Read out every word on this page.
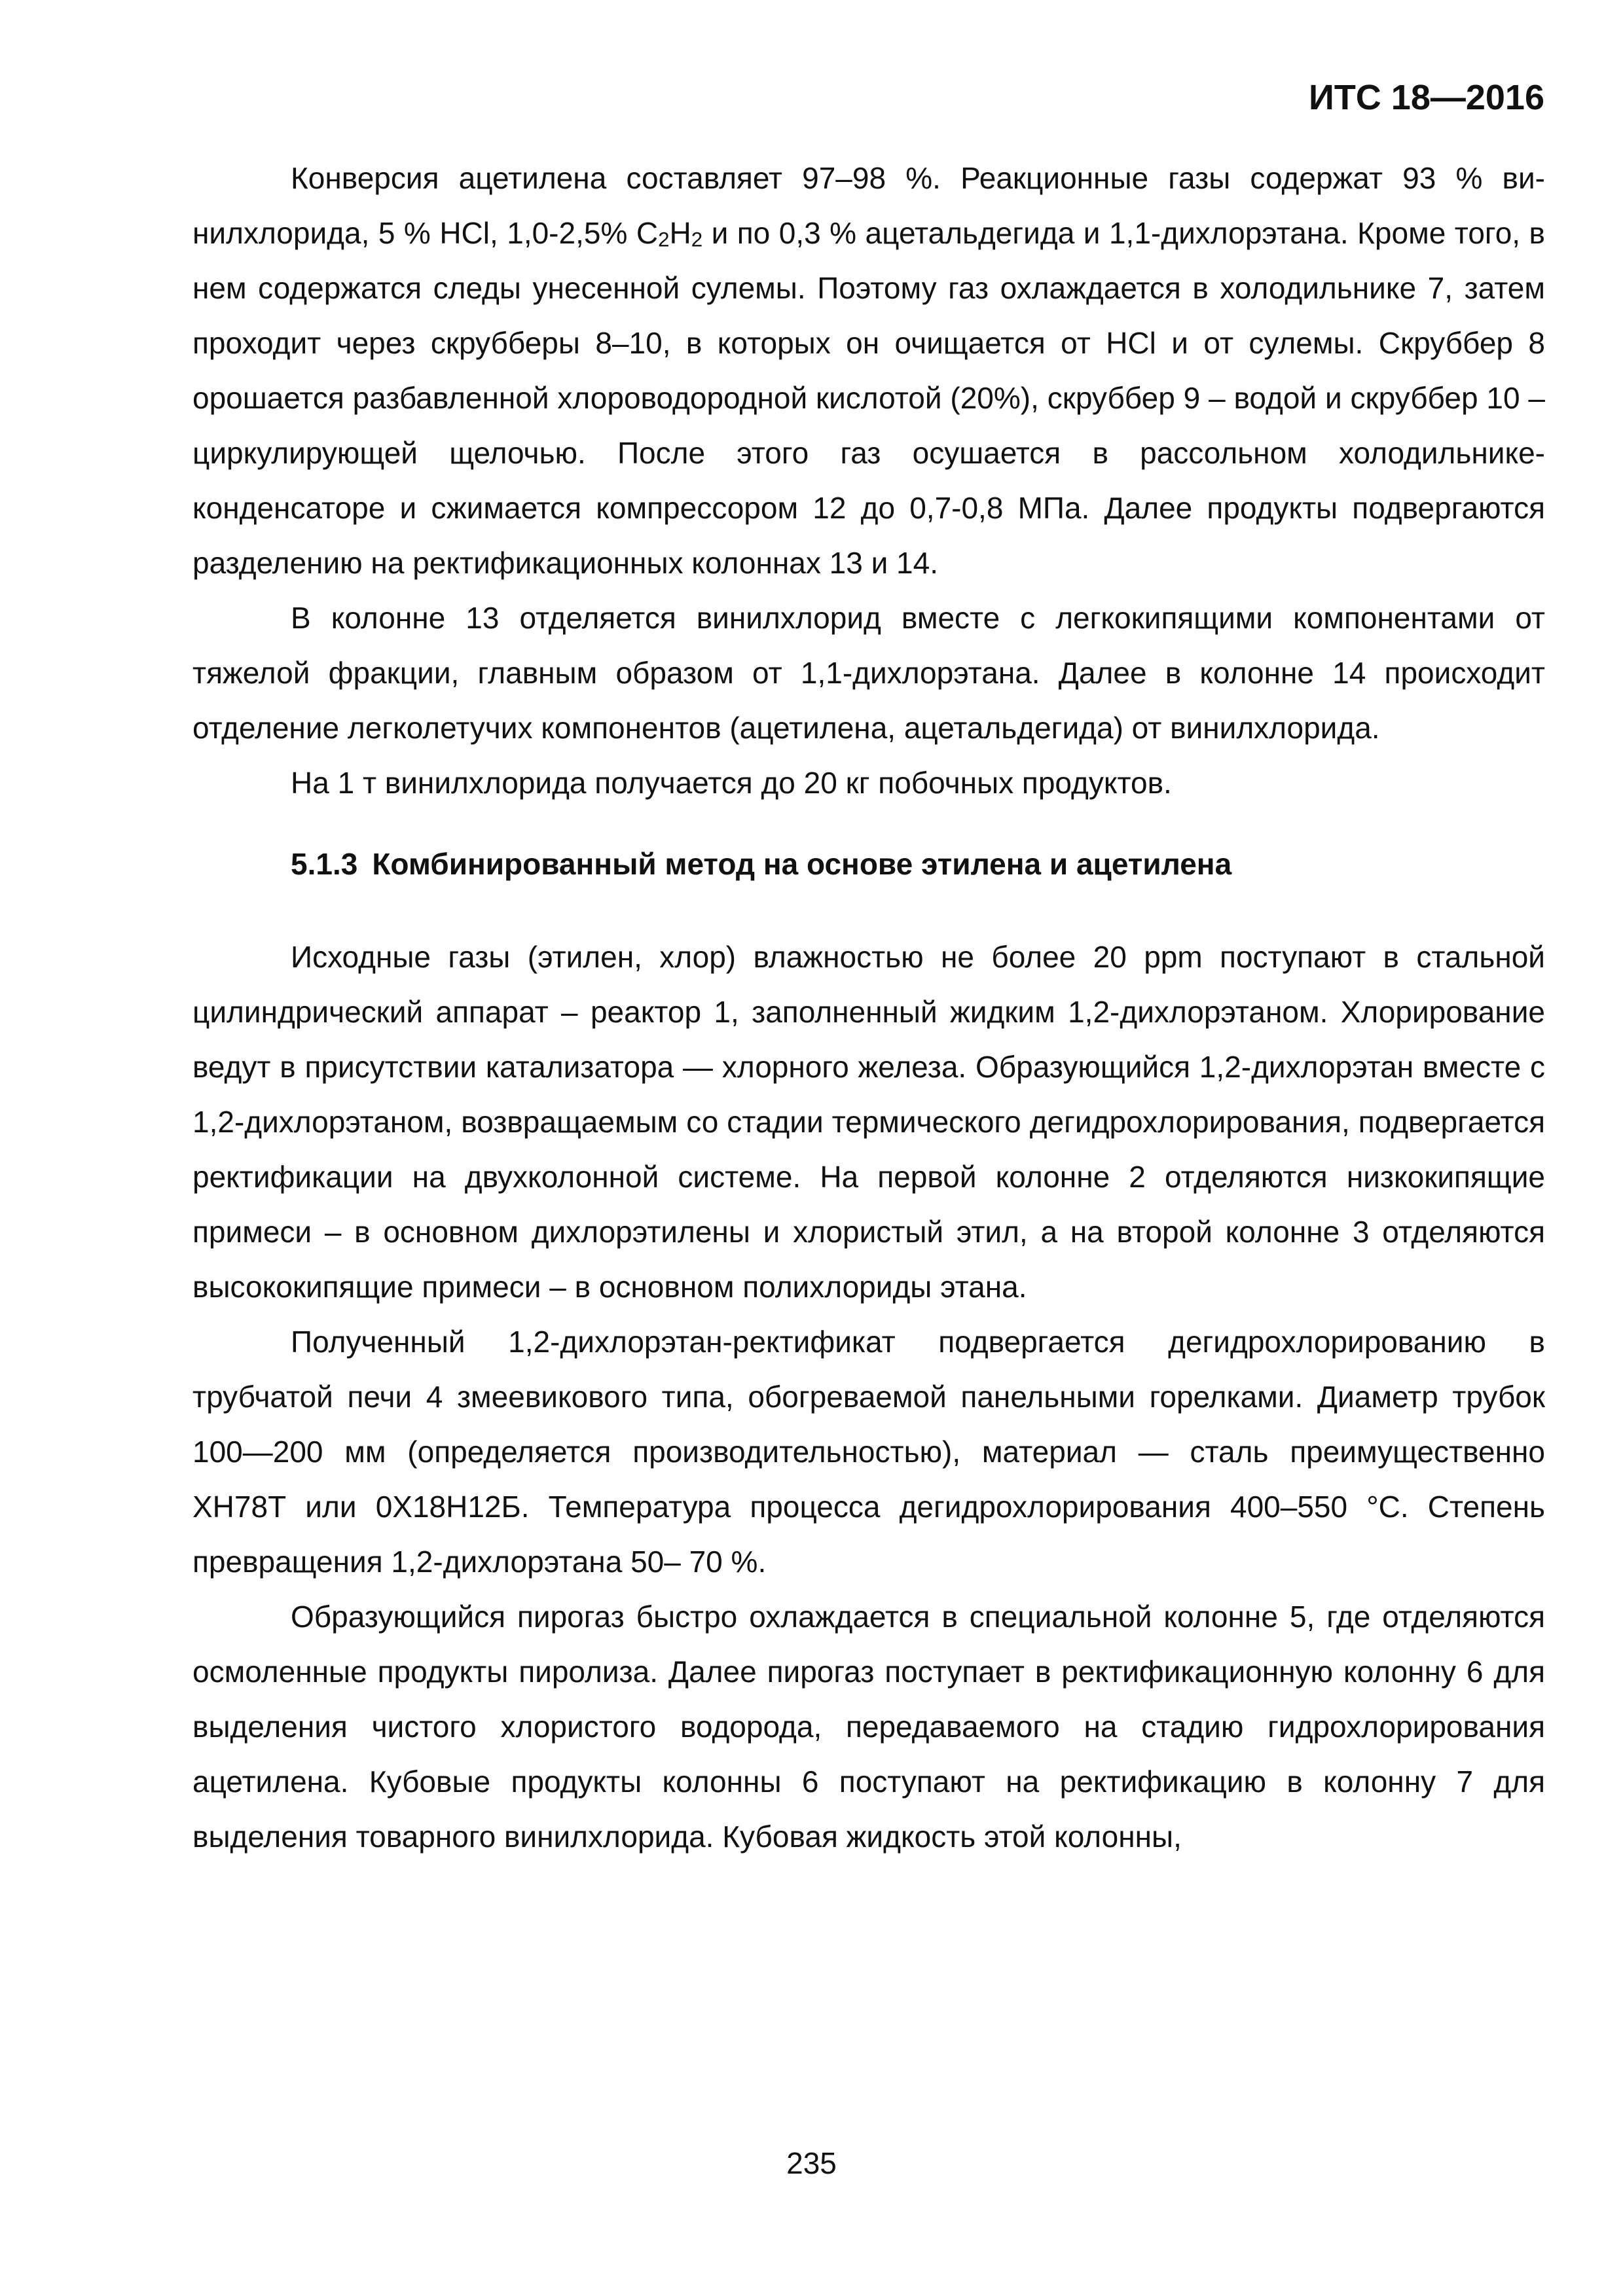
ИТС 18—2016

Конверсия ацетилена составляет 97–98 %. Реакционные газы содержат 93 % винилхлорида, 5 % HCl, 1,0-2,5% $C_2H_2$ и по 0,3 % ацетальдегида и 1,1-дихлорэтана. Кроме того, в нем содержатся следы унесенной сулемы. Поэтому газ охлаждается в холодильнике 7, затем проходит через скрубберы 8–10, в которых он очищается от HCl и от сулемы. Скруббер 8 орошается разбавленной хлороводородной кислотой (20%), скруббер 9 – водой и скруббер 10 – циркулирующей щелочью. После этого газ осушается в рассольном холодильнике-конденсаторе и сжимается компрессором 12 до 0,7-0,8 МПа. Далее продукты подвергаются разделению на ректификационных колоннах 13 и 14.

В колонне 13 отделяется винилхлорид вместе с легкокипящими компонентами от тяжелой фракции, главным образом от 1,1-дихлорэтана. Далее в колонне 14 происходит отделение легколетучих компонентов (ацетилена, ацетальдегида) от винилхлорида.

На 1 т винилхлорида получается до 20 кг побочных продуктов.

5.1.3 Комбинированный метод на основе этилена и ацетилена

Исходные газы (этилен, хлор) влажностью не более 20 ppm поступают в стальной цилиндрический аппарат – реактор 1, заполненный жидким 1,2-дихлорэтаном. Хлорирование ведут в присутствии катализатора — хлорного железа. Образующийся 1,2-дихлорэтан вместе с 1,2-дихлорэтаном, возвращаемым со стадии термического дегидрохлорирования, подвергается ректификации на двухколонной системе. На первой колонне 2 отделяются низкокипящие примеси – в основном дихлорэтилены и хлористый этил, а на второй колонне 3 отделяются высококипящие примеси – в основном полихлориды этана.

Полученный 1,2-дихлорэтан-ректификат подвергается дегидрохлорированию в трубчатой печи 4 змеевикового типа, обогреваемой панельными горелками. Диаметр трубок 100—200 мм (определяется производительностью), материал — сталь преимущественно ХН78Т или 0Х18Н12Б. Температура процесса дегидрохлорирования 400–550 °С. Степень превращения 1,2-дихлорэтана 50– 70 %.

Образующийся пирогаз быстро охлаждается в специальной колонне 5, где отделяются осмоленные продукты пиролиза. Далее пирогаз поступает в ректификационную колонну 6 для выделения чистого хлористого водорода, передаваемого на стадию гидрохлорирования ацетилена. Кубовые продукты колонны 6 поступают на ректификацию в колонну 7 для выделения товарного винилхлорида. Кубовая жидкость этой колонны,

235
